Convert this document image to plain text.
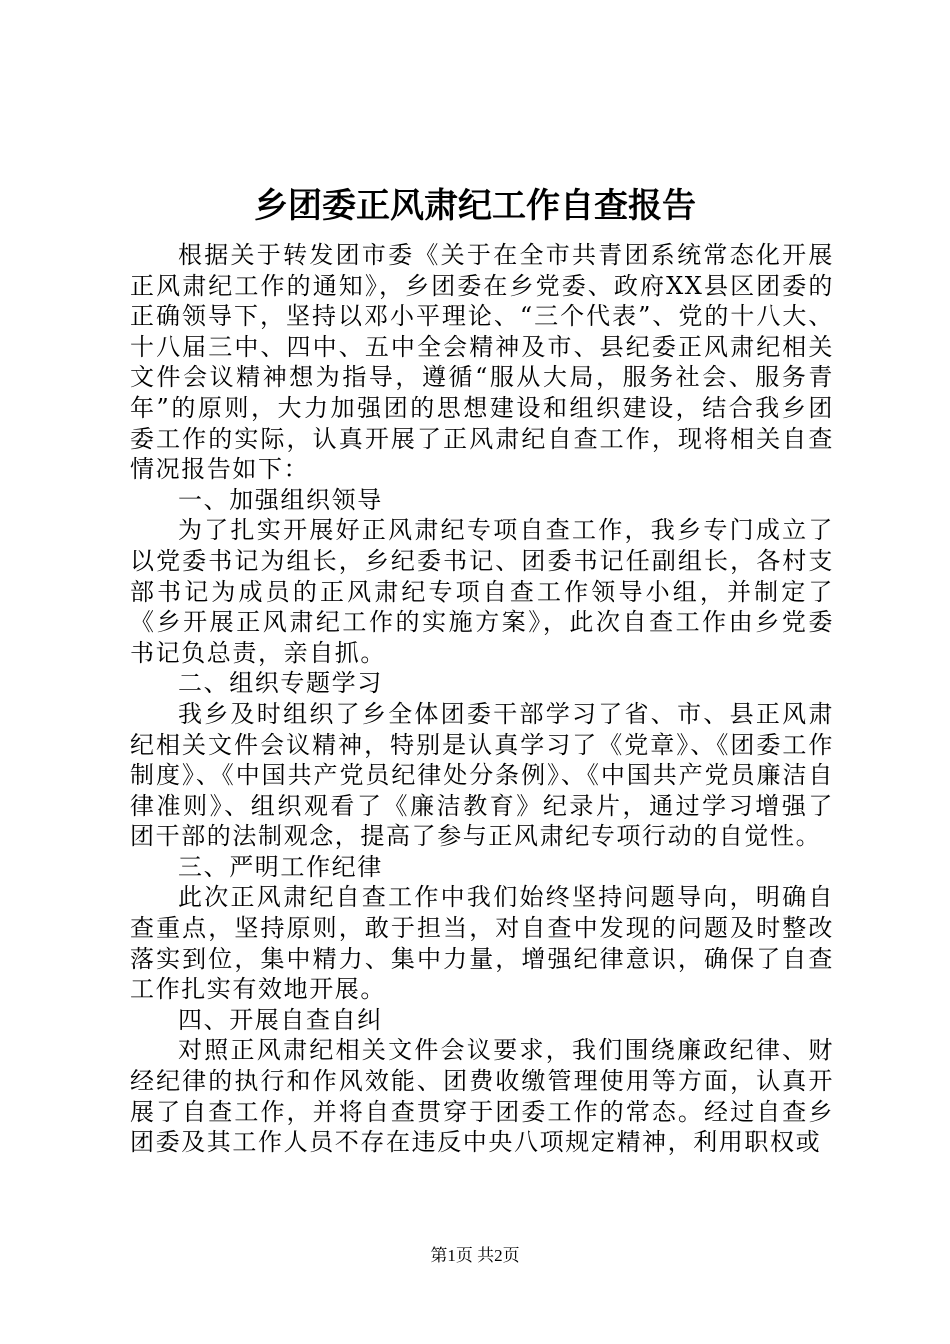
乡团委正风肃纪工作自查报告

根据关于转发团市委《关于在全市共青团系统常态化开展正风肃纪工作的通知》，乡团委在乡党委、政府XX县区团委的正确领导下，坚持以邓小平理论、“三个代表”、党的十八大、十八届三中、四中、五中全会精神及市、县纪委正风肃纪相关文件会议精神想为指导，遵循“服从大局，服务社会、服务青年”的原则，大力加强团的思想建设和组织建设，结合我乡团委工作的实际，认真开展了正风肃纪自查工作，现将相关自查情况报告如下：

一、加强组织领导

为了扎实开展好正风肃纪专项自查工作，我乡专门成立了以党委书记为组长，乡纪委书记、团委书记任副组长，各村支部书记为成员的正风肃纪专项自查工作领导小组，并制定了《乡开展正风肃纪工作的实施方案》，此次自查工作由乡党委书记负总责，亲自抓。

二、组织专题学习

我乡及时组织了乡全体团委干部学习了省、市、县正风肃纪相关文件会议精神，特别是认真学习了《党章》、《团委工作制度》、《中国共产党员纪律处分条例》、《中国共产党员廉洁自律准则》、组织观看了《廉洁教育》纪录片，通过学习增强了团干部的法制观念，提高了参与正风肃纪专项行动的自觉性。

三、严明工作纪律

此次正风肃纪自查工作中我们始终坚持问题导向，明确自查重点，坚持原则，敢于担当，对自查中发现的问题及时整改落实到位，集中精力、集中力量，增强纪律意识，确保了自查工作扎实有效地开展。

四、开展自查自纠

对照正风肃纪相关文件会议要求，我们围绕廉政纪律、财经纪律的执行和作风效能、团费收缴管理使用等方面，认真开展了自查工作，并将自查贯穿于团委工作的常态。经过自查乡团委及其工作人员不存在违反中央八项规定精神，利用职权或

第1页 共2页
